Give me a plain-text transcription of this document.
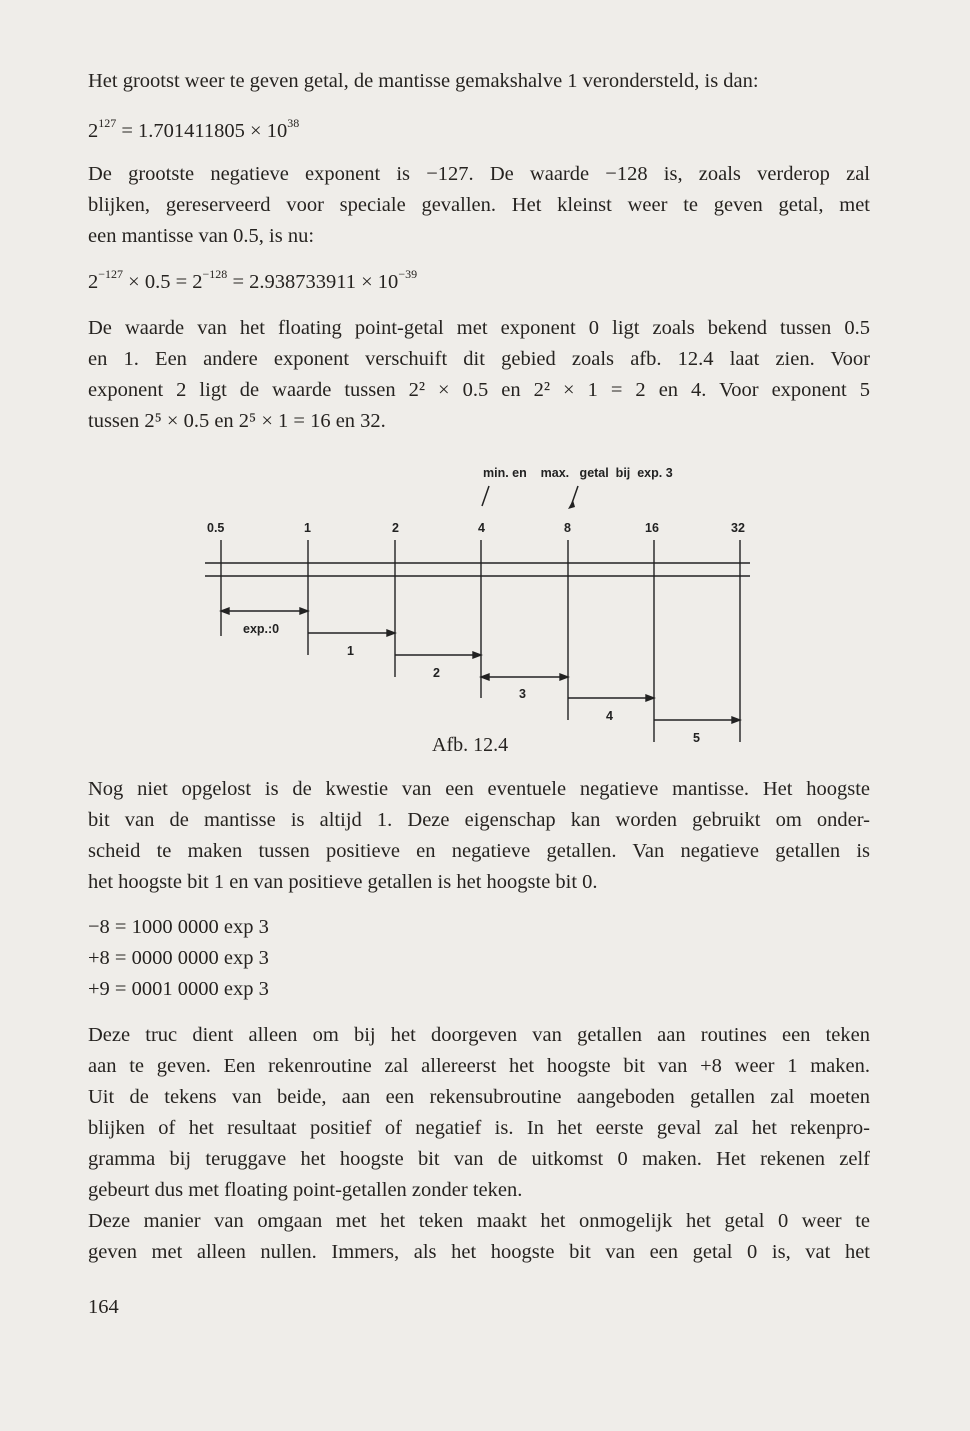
Het grootst weer te geven getal, de mantisse gemakshalve 1 verondersteld, is dan:

$2^{127} = 1.701411805 \times 10^{38}$

De grootste negatieve exponent is −127. De waarde −128 is, zoals verderop zal
blijken, gereserveerd voor speciale gevallen. Het kleinst weer te geven getal, met
een mantisse van 0.5, is nu:

$2^{-127} \times 0.5 = 2^{-128} = 2.938733911 \times 10^{-39}$

De waarde van het floating point-getal met exponent 0 ligt zoals bekend tussen 0.5
en 1. Een andere exponent verschuift dit gebied zoals afb. 12.4 laat zien. Voor
exponent 2 ligt de waarde tussen 2² × 0.5 en 2² × 1 = 2 en 4. Voor exponent 5
tussen 2⁵ × 0.5 en 2⁵ × 1 = 16 en 32.

min. en    max.   getal  bij  exp. 3
0.5	1	2	4	8	16	32
exp.:0
1
2
3
4
5
Afb. 12.4

Nog niet opgelost is de kwestie van een eventuele negatieve mantisse. Het hoogste
bit van de mantisse is altijd 1. Deze eigenschap kan worden gebruikt om onder-
scheid te maken tussen positieve en negatieve getallen. Van negatieve getallen is
het hoogste bit 1 en van positieve getallen is het hoogste bit 0.

−8 = 1000 0000 exp 3
+8 = 0000 0000 exp 3
+9 = 0001 0000 exp 3

Deze truc dient alleen om bij het doorgeven van getallen aan routines een teken
aan te geven. Een rekenroutine zal allereerst het hoogste bit van +8 weer 1 maken.
Uit de tekens van beide, aan een rekensubroutine aangeboden getallen zal moeten
blijken of het resultaat positief of negatief is. In het eerste geval zal het rekenpro-
gramma bij teruggave het hoogste bit van de uitkomst 0 maken. Het rekenen zelf
gebeurt dus met floating point-getallen zonder teken.
Deze manier van omgaan met het teken maakt het onmogelijk het getal 0 weer te
geven met alleen nullen. Immers, als het hoogste bit van een getal 0 is, vat het

164
